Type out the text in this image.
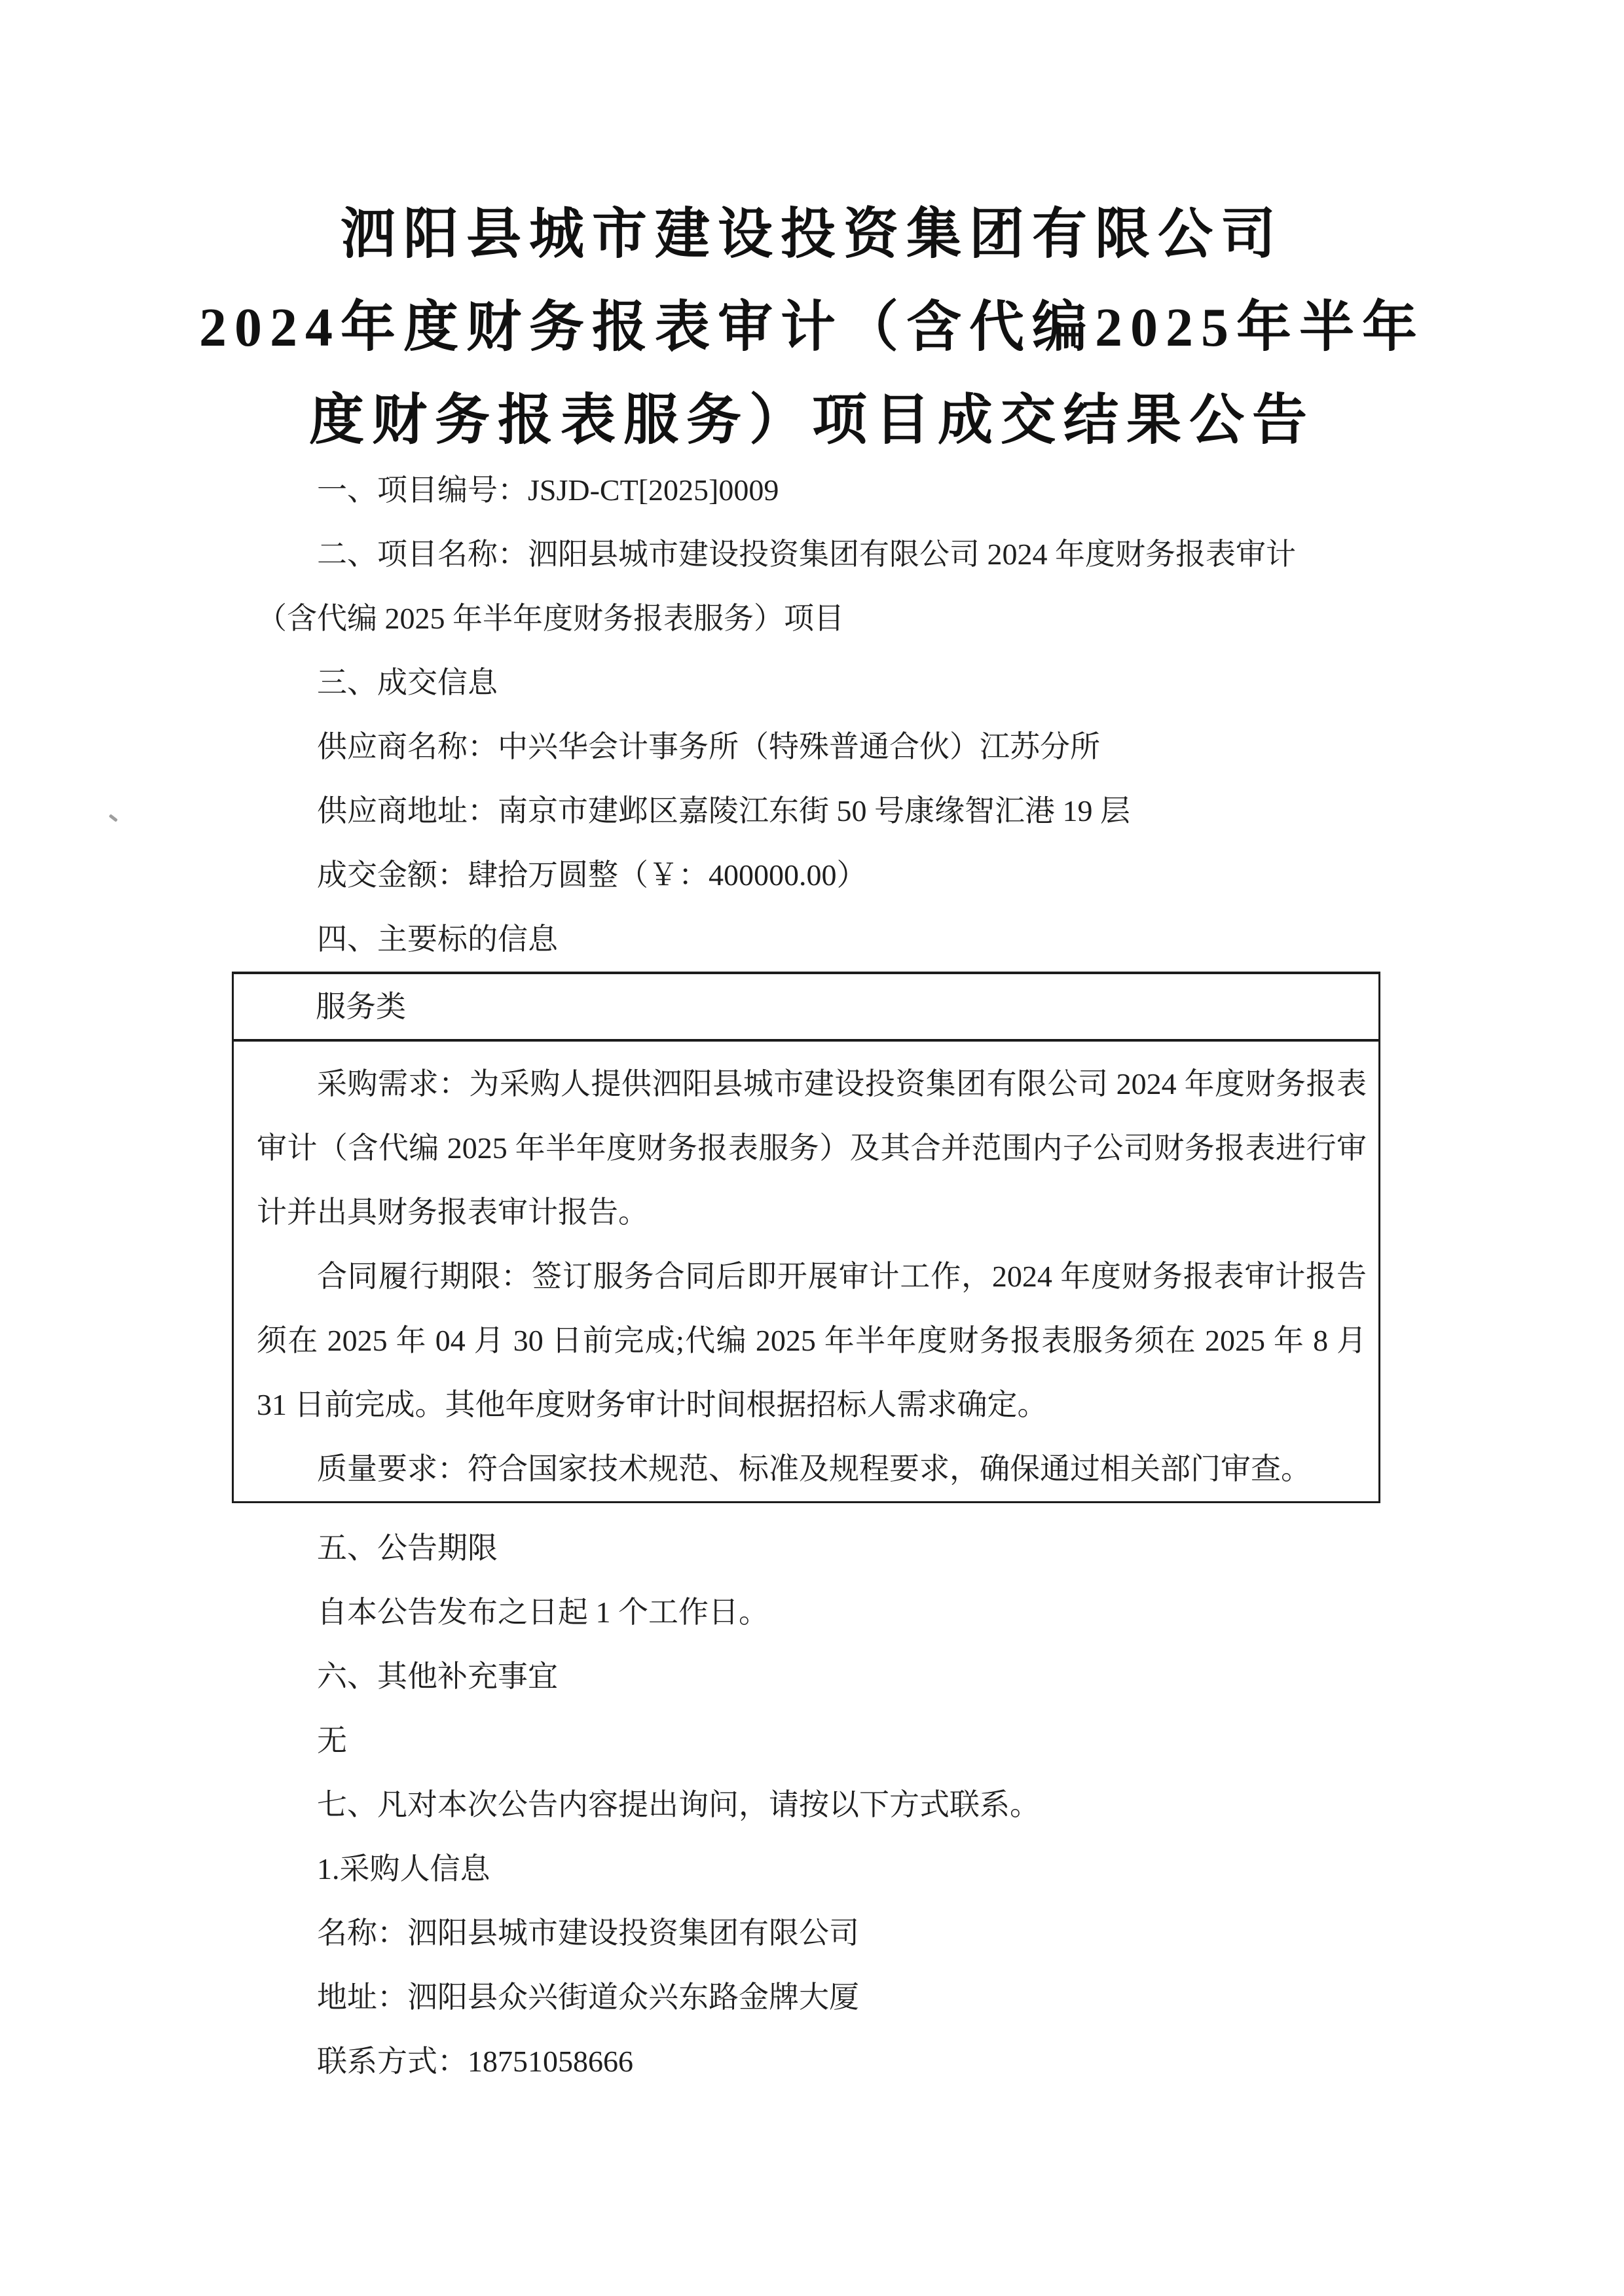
泗阳县城市建设投资集团有限公司
2024年度财务报表审计（含代编2025年半年
度财务报表服务）项目成交结果公告
一、项目编号：JSJD-CT[2025]0009
二、项目名称：泗阳县城市建设投资集团有限公司 2024 年度财务报表审计
（含代编 2025 年半年度财务报表服务）项目
三、成交信息
供应商名称：中兴华会计事务所（特殊普通合伙）江苏分所
供应商地址：南京市建邺区嘉陵江东街 50 号康缘智汇港 19 层
成交金额：肆拾万圆整（￥：400000.00）
四、主要标的信息
服务类

采购需求：为采购人提供泗阳县城市建设投资集团有限公司 2024 年度财务报表审计（含代编 2025 年半年度财务报表服务）及其合并范围内子公司财务报表进行审计并出具财务报表审计报告。

合同履行期限：签订服务合同后即开展审计工作，2024 年度财务报表审计报告须在 2025 年 04 月 30 日前完成;代编 2025 年半年度财务报表服务须在 2025 年 8 月 31 日前完成。其他年度财务审计时间根据招标人需求确定。

质量要求：符合国家技术规范、标准及规程要求，确保通过相关部门审查。

五、公告期限
自本公告发布之日起 1 个工作日。
六、其他补充事宜
无
七、凡对本次公告内容提出询问，请按以下方式联系。
1.采购人信息
名称：泗阳县城市建设投资集团有限公司
地址：泗阳县众兴街道众兴东路金牌大厦
联系方式：18751058666
